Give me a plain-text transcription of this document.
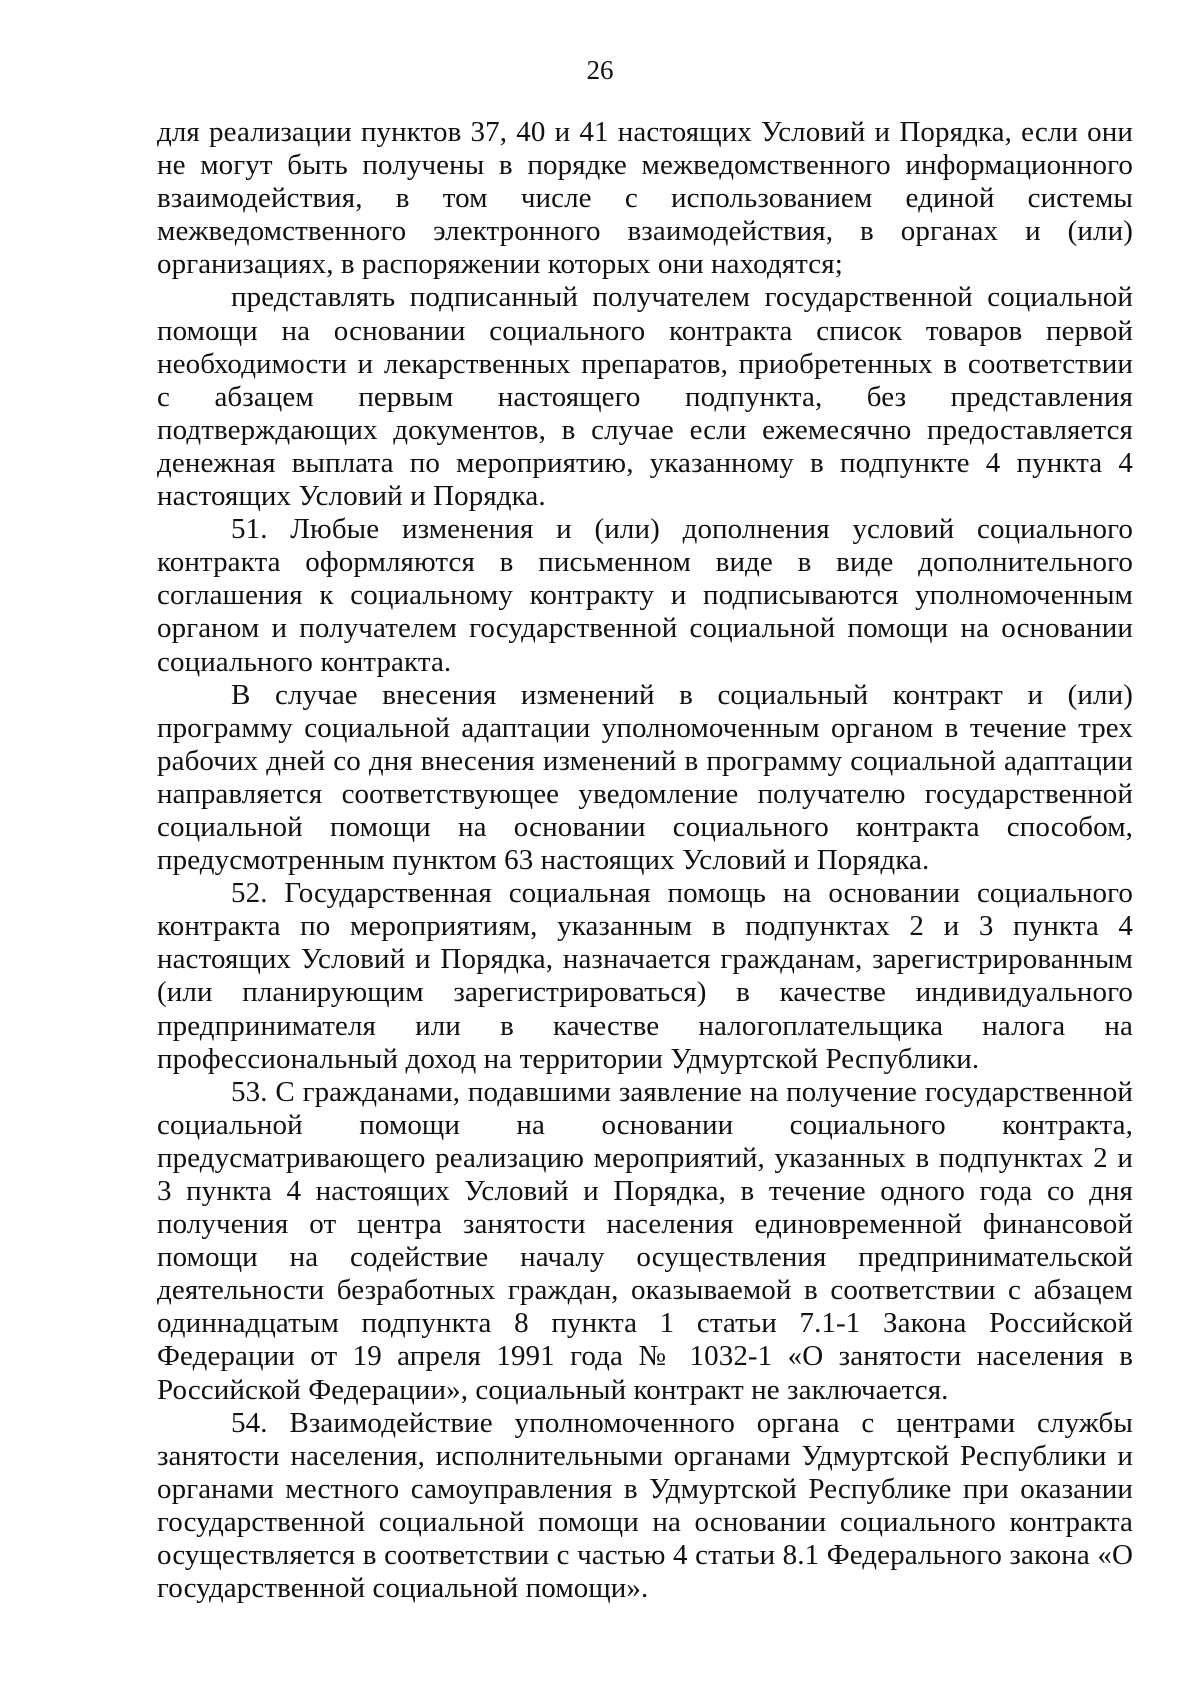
26

для реализации пунктов 37, 40 и 41 настоящих Условий и Порядка, если они не могут быть получены в порядке межведомственного информационного взаимодействия, в том числе с использованием единой системы межведомственного электронного взаимодействия, в органах и (или) организациях, в распоряжении которых они находятся;

представлять подписанный получателем государственной социальной помощи на основании социального контракта список товаров первой необходимости и лекарственных препаратов, приобретенных в соответствии с абзацем первым настоящего подпункта, без представления подтверждающих документов, в случае если ежемесячно предоставляется денежная выплата по мероприятию, указанному в подпункте 4 пункта 4 настоящих Условий и Порядка.

51. Любые изменения и (или) дополнения условий социального контракта оформляются в письменном виде в виде дополнительного соглашения к социальному контракту и подписываются уполномоченным органом и получателем государственной социальной помощи на основании социального контракта.

В случае внесения изменений в социальный контракт и (или) программу социальной адаптации уполномоченным органом в течение трех рабочих дней со дня внесения изменений в программу социальной адаптации направляется соответствующее уведомление получателю государственной социальной помощи на основании социального контракта способом, предусмотренным пунктом 63 настоящих Условий и Порядка.

52. Государственная социальная помощь на основании социального контракта по мероприятиям, указанным в подпунктах 2 и 3 пункта 4 настоящих Условий и Порядка, назначается гражданам, зарегистрированным (или планирующим зарегистрироваться) в качестве индивидуального предпринимателя или в качестве налогоплательщика налога на профессиональный доход на территории Удмуртской Республики.

53. С гражданами, подавшими заявление на получение государственной социальной помощи на основании социального контракта, предусматривающего реализацию мероприятий, указанных в подпунктах 2 и 3 пункта 4 настоящих Условий и Порядка, в течение одного года со дня получения от центра занятости населения единовременной финансовой помощи на содействие началу осуществления предпринимательской деятельности безработных граждан, оказываемой в соответствии с абзацем одиннадцатым подпункта 8 пункта 1 статьи 7.1-1 Закона Российской Федерации от 19 апреля 1991 года № 1032-1 «О занятости населения в Российской Федерации», социальный контракт не заключается.

54. Взаимодействие уполномоченного органа с центрами службы занятости населения, исполнительными органами Удмуртской Республики и органами местного самоуправления в Удмуртской Республике при оказании государственной социальной помощи на основании социального контракта осуществляется в соответствии с частью 4 статьи 8.1 Федерального закона «О государственной социальной помощи».
